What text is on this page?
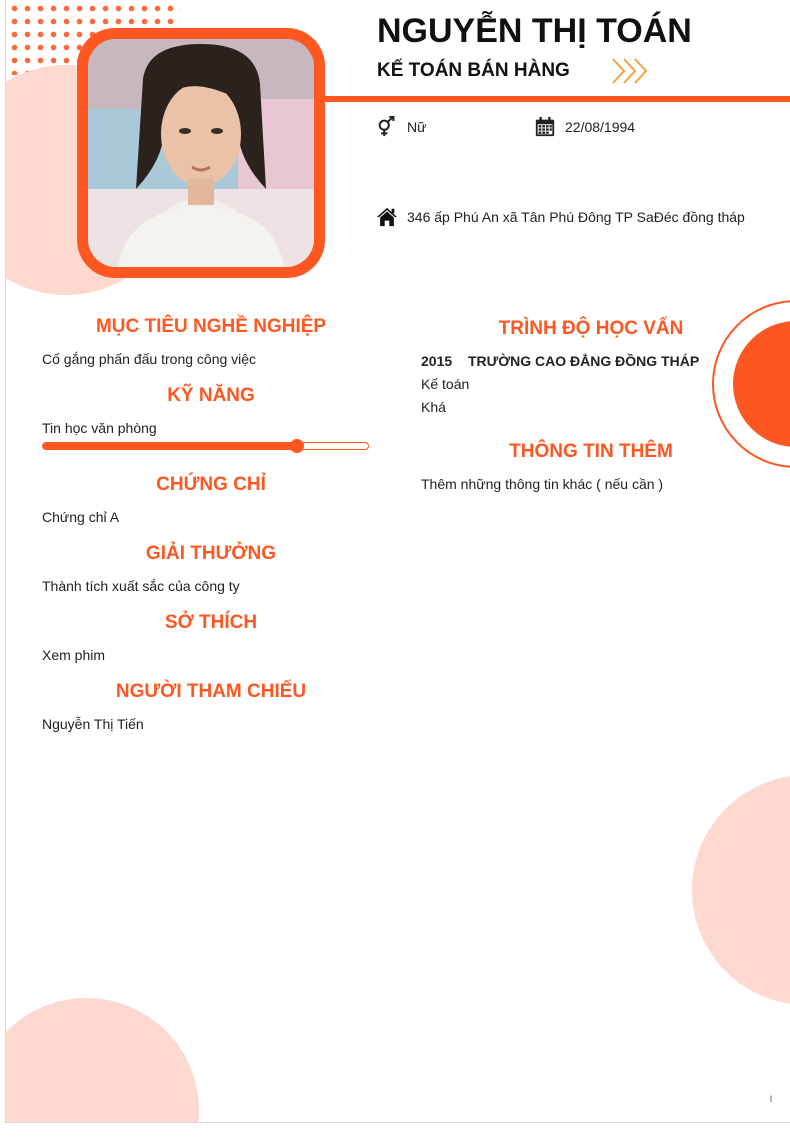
NGUYỄN THỊ TOÁN
KẾ TOÁN BÁN HÀNG
Nữ	22/08/1994
346 ấp Phú An xã Tân Phú Đông TP SaĐéc đồng tháp
MỤC TIÊU NGHỀ NGHIỆP
Cố gắng phấn đấu trong công việc
KỸ NĂNG
Tin học văn phòng
CHỨNG CHỈ
Chứng chỉ A
GIẢI THƯỞNG
Thành tích xuất sắc của công ty
SỞ THÍCH
Xem phim
NGƯỜI THAM CHIẾU
Nguyễn Thị Tiến
TRÌNH ĐỘ HỌC VẤN
2015 TRƯỜNG CAO ĐẲNG ĐỒNG THÁP
Kế toán
Khá
THÔNG TIN THÊM
Thêm những thông tin khác ( nếu cần )
l
